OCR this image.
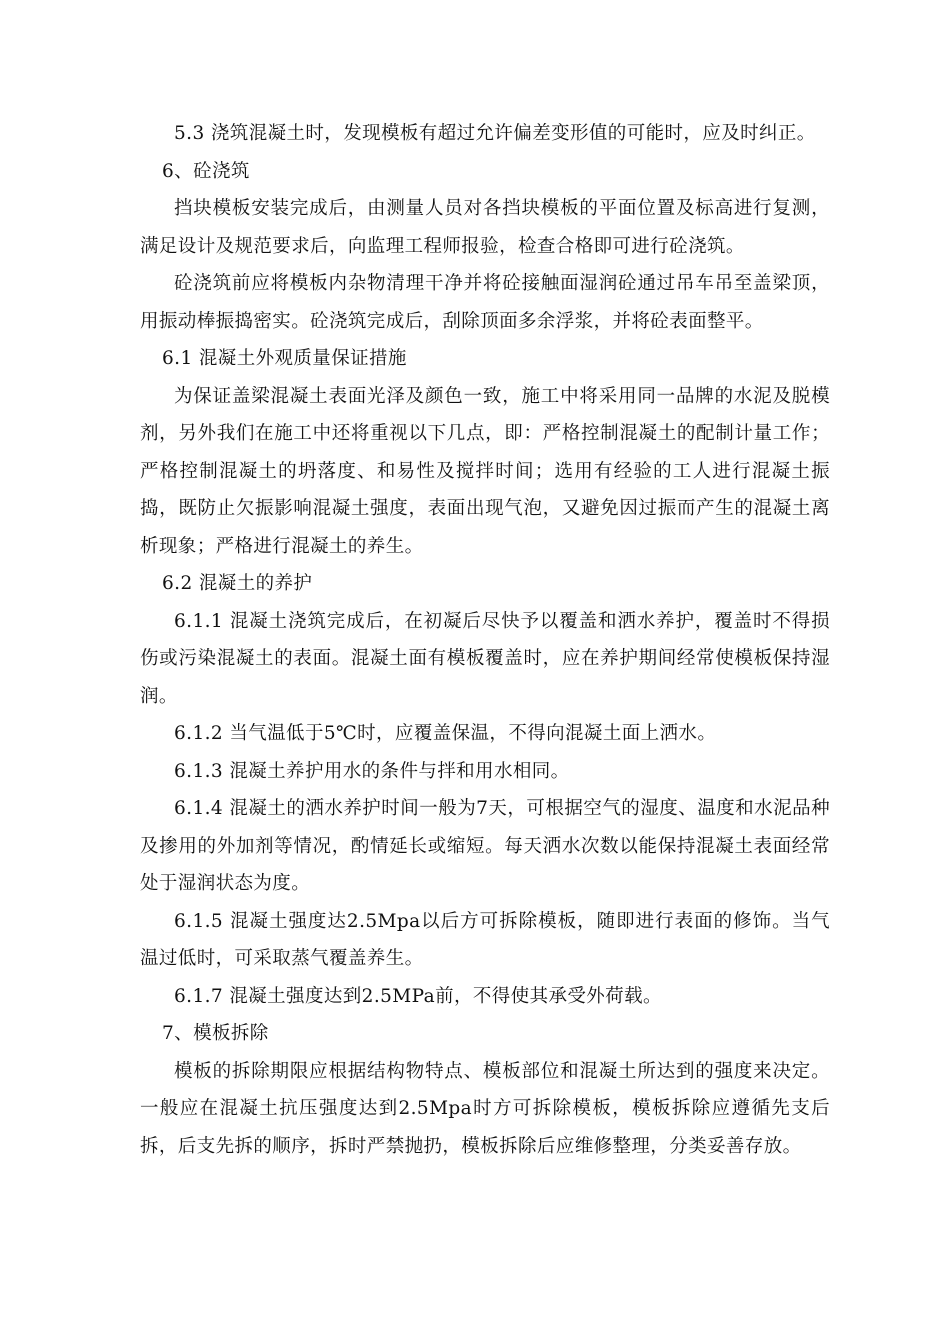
5.3 浇筑混凝土时，发现模板有超过允许偏差变形值的可能时，应及时纠正。

6、砼浇筑

挡块模板安装完成后，由测量人员对各挡块模板的平面位置及标高进行复测，满足设计及规范要求后，向监理工程师报验，检查合格即可进行砼浇筑。

砼浇筑前应将模板内杂物清理干净并将砼接触面湿润砼通过吊车吊至盖梁顶，用振动棒振捣密实。砼浇筑完成后，刮除顶面多余浮浆，并将砼表面整平。

6.1 混凝土外观质量保证措施

为保证盖梁混凝土表面光泽及颜色一致，施工中将采用同一品牌的水泥及脱模剂，另外我们在施工中还将重视以下几点，即：严格控制混凝土的配制计量工作；严格控制混凝土的坍落度、和易性及搅拌时间；选用有经验的工人进行混凝土振捣，既防止欠振影响混凝土强度，表面出现气泡，又避免因过振而产生的混凝土离析现象；严格进行混凝土的养生。

6.2 混凝土的养护

6.1.1 混凝土浇筑完成后，在初凝后尽快予以覆盖和洒水养护，覆盖时不得损伤或污染混凝土的表面。混凝土面有模板覆盖时，应在养护期间经常使模板保持湿润。

6.1.2 当气温低于5℃时，应覆盖保温，不得向混凝土面上洒水。

6.1.3 混凝土养护用水的条件与拌和用水相同。

6.1.4 混凝土的洒水养护时间一般为7天，可根据空气的湿度、温度和水泥品种及掺用的外加剂等情况，酌情延长或缩短。每天洒水次数以能保持混凝土表面经常处于湿润状态为度。

6.1.5 混凝土强度达2.5Mpa以后方可拆除模板，随即进行表面的修饰。当气温过低时，可采取蒸气覆盖养生。

6.1.7 混凝土强度达到2.5MPa前，不得使其承受外荷载。

7、模板拆除

模板的拆除期限应根据结构物特点、模板部位和混凝土所达到的强度来决定。一般应在混凝土抗压强度达到2.5Mpa时方可拆除模板，模板拆除应遵循先支后拆，后支先拆的顺序，拆时严禁抛扔，模板拆除后应维修整理，分类妥善存放。
